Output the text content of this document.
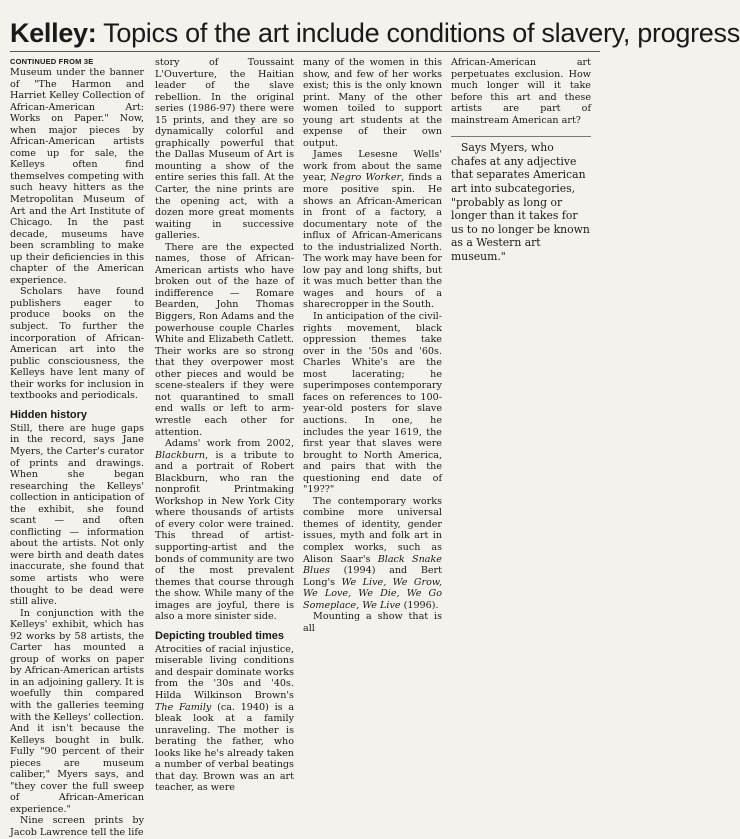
Kelley: Topics of the art include conditions of slavery, progress
CONTINUED FROM 3E

Museum under the banner of "The Harmon and Harriet Kelley Collection of African-American Art: Works on Paper." Now, when major pieces by African-American artists come up for sale, the Kelleys often find themselves competing with such heavy hitters as the Metropolitan Museum of Art and the Art Institute of Chicago. In the past decade, museums have been scrambling to make up their deficiencies in this chapter of the American experience.

Scholars have found publishers eager to produce books on the subject. To further the incorporation of African-American art into the public consciousness, the Kelleys have lent many of their works for inclusion in textbooks and periodicals.

Hidden history

Still, there are huge gaps in the record, says Jane Myers, the Carter's curator of prints and drawings. When she began researching the Kelleys' collection in anticipation of the exhibit, she found scant — and often conflicting — information about the artists. Not only were birth and death dates inaccurate, she found that some artists who were thought to be dead were still alive.

In conjunction with the Kelleys' exhibit, which has 92 works by 58 artists, the Carter has mounted a group of works on paper by African-American artists in an adjoining gallery. It is woefully thin compared with the galleries teeming with the Kelleys' collection. And it isn't because the Kelleys bought in bulk. Fully "90 percent of their pieces are museum caliber," Myers says, and "they cover the full sweep of African-American experience."

Nine screen prints by Jacob Lawrence tell the life

story of Toussaint L'Ouverture, the Haitian leader of the slave rebellion. In the original series (1986-97) there were 15 prints, and they are so dynamically colorful and graphically powerful that the Dallas Museum of Art is mounting a show of the entire series this fall. At the Carter, the nine prints are the opening act, with a dozen more great moments waiting in successive galleries.

There are the expected names, those of African-American artists who have broken out of the haze of indifference — Romare Bearden, John Thomas Biggers, Ron Adams and the powerhouse couple Charles White and Elizabeth Catlett. Their works are so strong that they overpower most other pieces and would be scene-stealers if they were not quarantined to small end walls or left to arm-wrestle each other for attention.

Adams' work from 2002, Blackburn, is a tribute to and a portrait of Robert Blackburn, who ran the nonprofit Printmaking Workshop in New York City where thousands of artists of every color were trained. This thread of artist-supporting-artist and the bonds of community are two of the most prevalent themes that course through the show. While many of the images are joyful, there is also a more sinister side.

Depicting troubled times

Atrocities of racial injustice, miserable living conditions and despair dominate works from the '30s and '40s. Hilda Wilkinson Brown's The Family (ca. 1940) is a bleak look at a family unraveling. The mother is berating the father, who looks like he's already taken a number of verbal beatings that day. Brown was an art teacher, as were

many of the women in this show, and few of her works exist; this is the only known print. Many of the other women toiled to support young art students at the expense of their own output.

James Lesesne Wells' work from about the same year, Negro Worker, finds a more positive spin. He shows an African-American in front of a factory, a documentary note of the influx of African-Americans to the industrialized North. The work may have been for low pay and long shifts, but it was much better than the wages and hours of a sharecropper in the South.

In anticipation of the civil-rights movement, black oppression themes take over in the '50s and '60s. Charles White's are the most lacerating; he superimposes contemporary faces on references to 100-year-old posters for slave auctions. In one, he includes the year 1619, the first year that slaves were brought to North America, and pairs that with the questioning end date of "19??"

The contemporary works combine more universal themes of identity, gender issues, myth and folk art in complex works, such as Alison Saar's Black Snake Blues (1994) and Bert Long's We Live, We Grow, We Love, We Die, We Go Someplace, We Live (1996).

Mounting a show that is all

African-American art perpetuates exclusion. How much longer will it take before this art and these artists are part of mainstream American art?

Says Myers, who chafes at any adjective that separates American art into subcategories, "probably as long or longer than it takes for us to no longer be known as a Western art museum."
